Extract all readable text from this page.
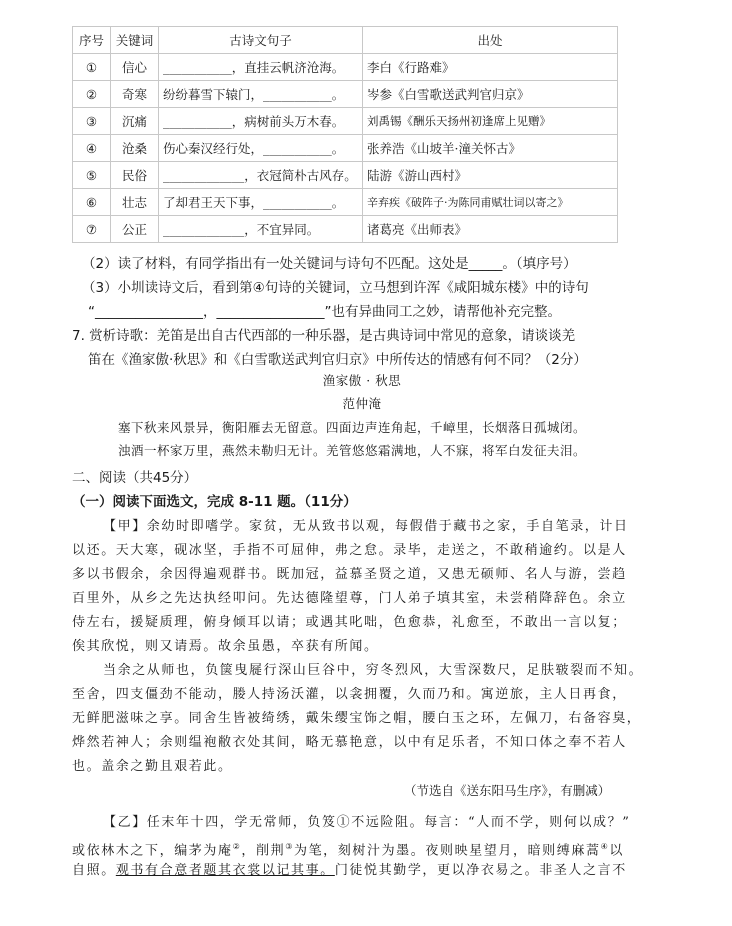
序号	关键词	古诗文句子	出处
①	信心	___________，直挂云帆济沧海。	李白《行路难》
②	奇寒	纷纷暮雪下辕门，___________。	岑参《白雪歌送武判官归京》
③	沉痛	___________，病树前头万木春。	刘禹锡《酬乐天扬州初逢席上见赠》
④	沧桑	伤心秦汉经行处，___________。	张养浩《山坡羊·潼关怀古》
⑤	民俗	_____________，衣冠简朴古风存。	陆游《游山西村》
⑥	壮志	了却君王天下事，___________。	辛弃疾《破阵子·为陈同甫赋壮词以寄之》
⑦	公正	_____________，不宜异同。	诸葛亮《出师表》
（2）读了材料，有同学指出有一处关键词与诗句不匹配。这处是_____。（填序号）
（3）小圳读诗文后，看到第④句诗的关键词，立马想到许浑《咸阳城东楼》中的诗句
“________________，________________”也有异曲同工之妙，请帮他补充完整。
7. 赏析诗歌：羌笛是出自古代西部的一种乐器，是古典诗词中常见的意象，请谈谈羌
笛在《渔家傲·秋思》和《白雪歌送武判官归京》中所传达的情感有何不同？（2分）
渔家傲 · 秋思
范仲淹
塞下秋来风景异，衡阳雁去无留意。四面边声连角起，千嶂里，长烟落日孤城闭。
浊酒一杯家万里，燕然未勒归无计。羌管悠悠霜满地，人不寐，将军白发征夫泪。
二、阅读（共45分）
（一）阅读下面选文，完成 8-11 题。（11分）
【甲】余幼时即嗜学。家贫，无从致书以观，每假借于藏书之家，手自笔录，计日
以还。天大寒，砚冰坚，手指不可屈伸，弗之怠。录毕，走送之，不敢稍逾约。以是人
多以书假余，余因得遍观群书。既加冠，益慕圣贤之道，又患无硕师、名人与游，尝趋
百里外，从乡之先达执经叩问。先达德隆望尊，门人弟子填其室，未尝稍降辞色。余立
侍左右，援疑质理，俯身倾耳以请；或遇其叱咄，色愈恭，礼愈至，不敢出一言以复；
俟其欣悦，则又请焉。故余虽愚，卒获有所闻。
当余之从师也，负箧曳屣行深山巨谷中，穷冬烈风，大雪深数尺，足肤皲裂而不知。
至舍，四支僵劲不能动，媵人持汤沃灌，以衾拥覆，久而乃和。寓逆旅，主人日再食，
无鲜肥滋味之享。同舍生皆被绮绣，戴朱缨宝饰之帽，腰白玉之环，左佩刀，右备容臭，
烨然若神人；余则缊袍敝衣处其间，略无慕艳意，以中有足乐者，不知口体之奉不若人
也。盖余之勤且艰若此。
（节选自《送东阳马生序》，有删减）
【乙】任末年十四，学无常师，负笈①不远险阻。每言：“人而不学，则何以成？”
或依林木之下，编茅为庵②，削荆③为笔，刻树汁为墨。夜则映星望月，暗则缚麻蒿④以
自照。观书有合意者题其衣裳以记其事。门徒悦其勤学，更以净衣易之。非圣人之言不
